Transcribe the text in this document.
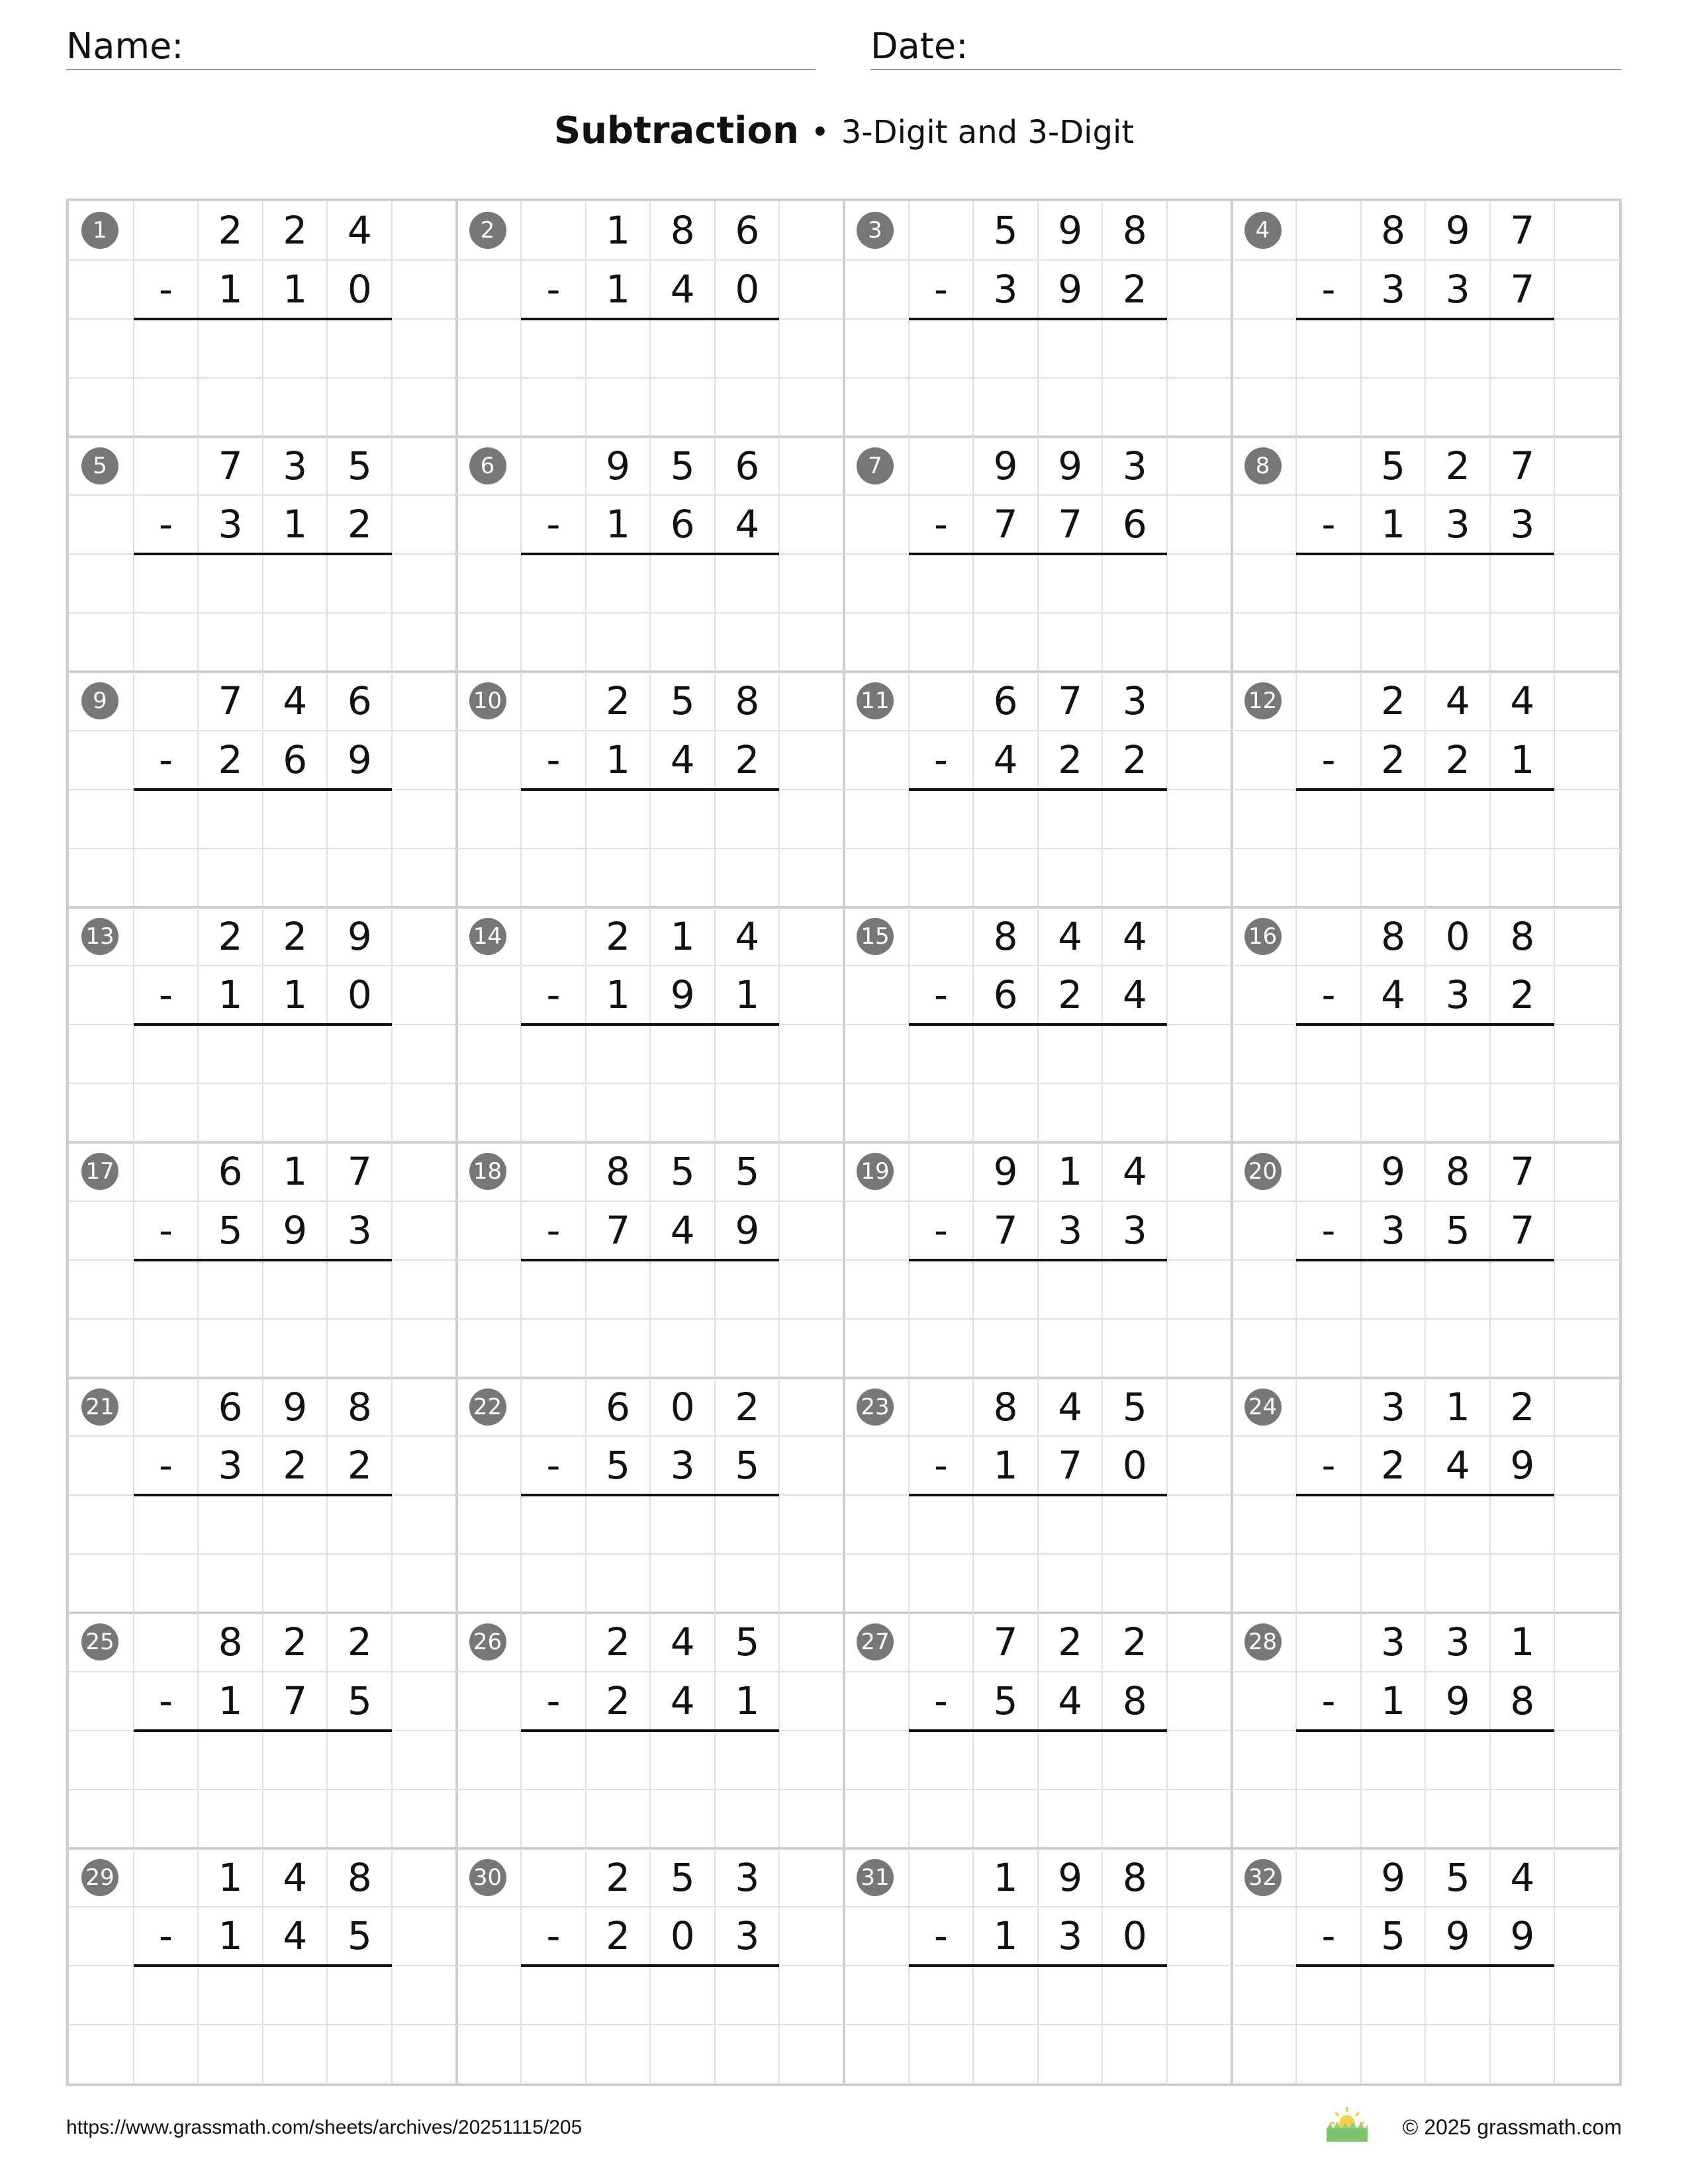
Name:	Date:
Subtraction • 3-Digit and 3-Digit
1	2	2	4
-	1	1	0
2	1	8	6
-	1	4	0
3	5	9	8
-	3	9	2
4	8	9	7
-	3	3	7
5	7	3	5
-	3	1	2
6	9	5	6
-	1	6	4
7	9	9	3
-	7	7	6
8	5	2	7
-	1	3	3
9	7	4	6
-	2	6	9
10	2	5	8
-	1	4	2
11	6	7	3
-	4	2	2
12	2	4	4
-	2	2	1
13	2	2	9
-	1	1	0
14	2	1	4
-	1	9	1
15	8	4	4
-	6	2	4
16	8	0	8
-	4	3	2
17	6	1	7
-	5	9	3
18	8	5	5
-	7	4	9
19	9	1	4
-	7	3	3
20	9	8	7
-	3	5	7
21	6	9	8
-	3	2	2
22	6	0	2
-	5	3	5
23	8	4	5
-	1	7	0
24	3	1	2
-	2	4	9
25	8	2	2
-	1	7	5
26	2	4	5
-	2	4	1
27	7	2	2
-	5	4	8
28	3	3	1
-	1	9	8
29	1	4	8
-	1	4	5
30	2	5	3
-	2	0	3
31	1	9	8
-	1	3	0
32	9	5	4
-	5	9	9
https://www.grassmath.com/sheets/archives/20251115/205	© 2025 grassmath.com
